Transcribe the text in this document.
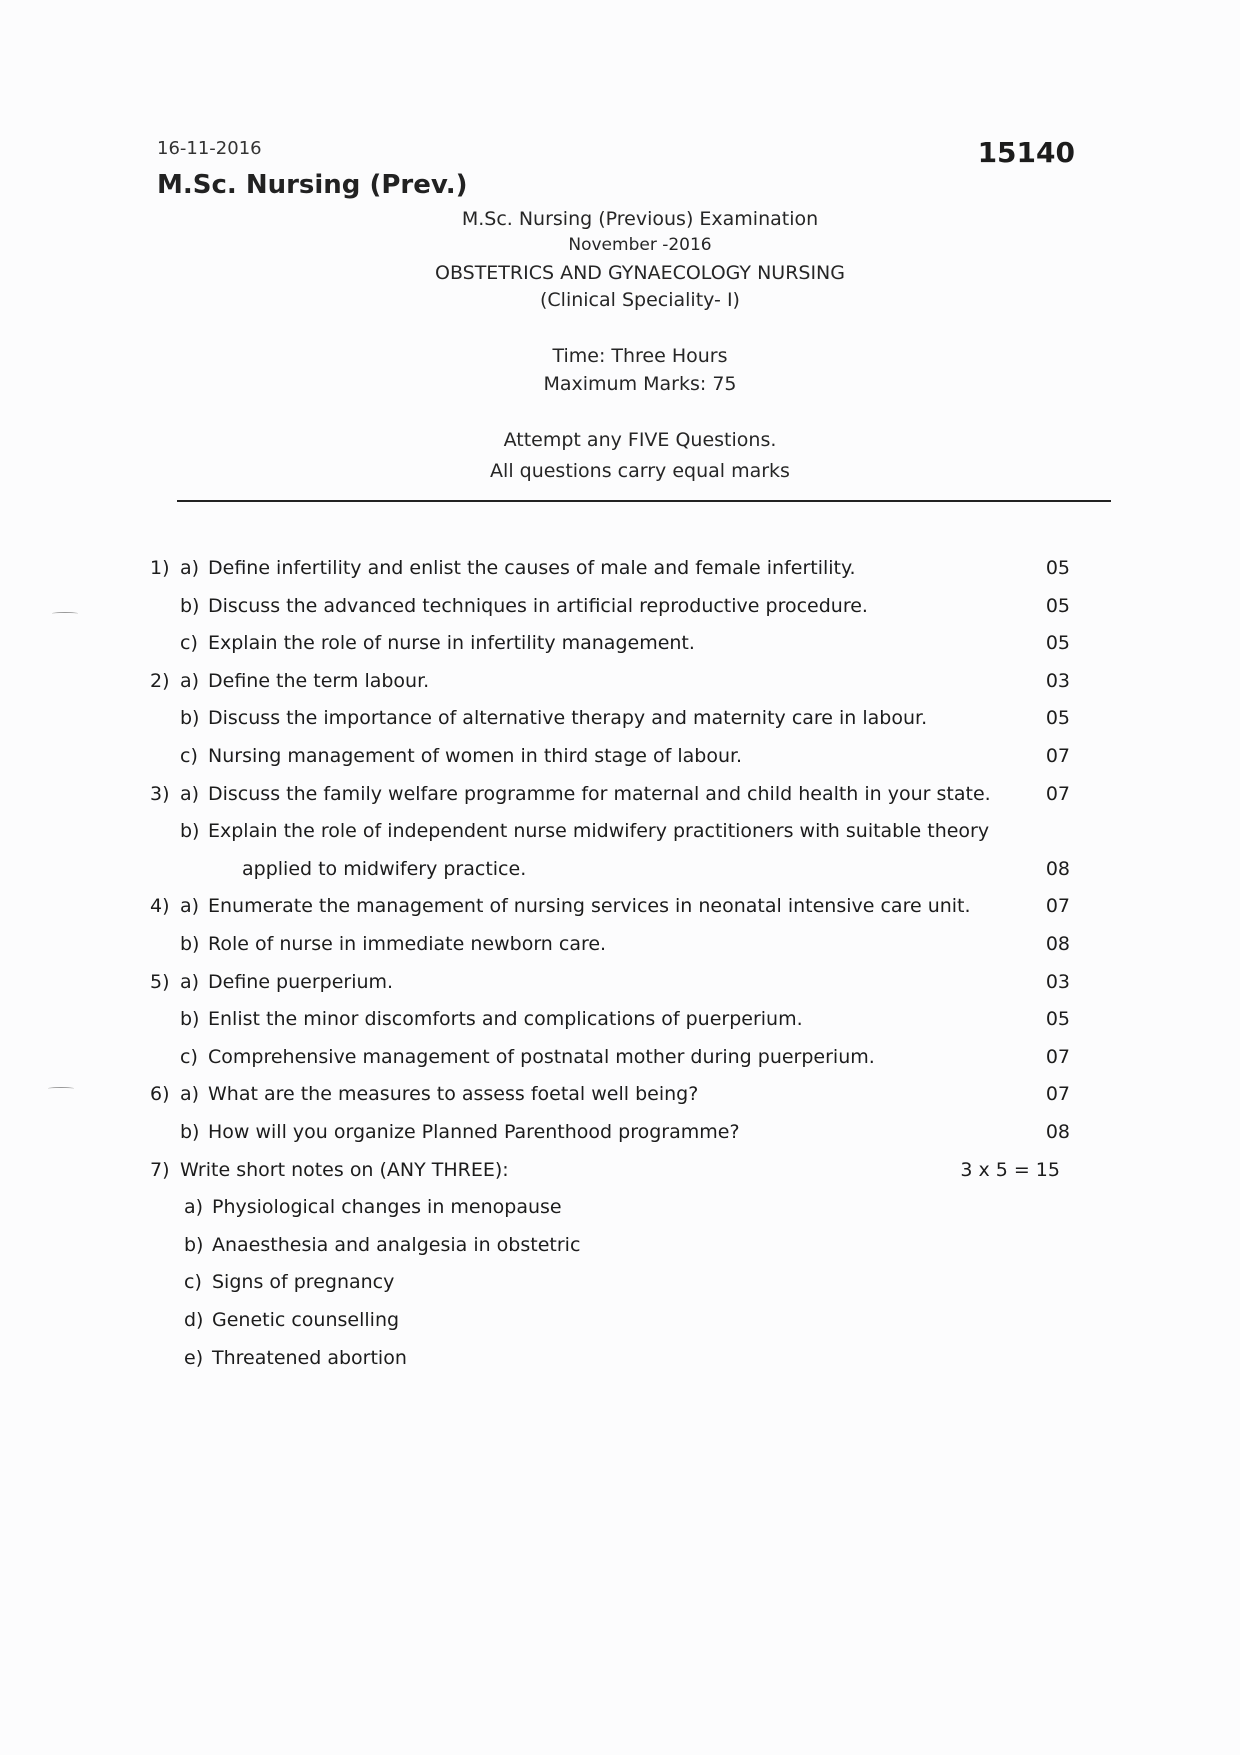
16-11-2016	15140
M.Sc. Nursing (Prev.)
M.Sc. Nursing (Previous) Examination
November -2016
OBSTETRICS AND GYNAECOLOGY NURSING
(Clinical Speciality- I)
Time: Three Hours
Maximum Marks: 75
Attempt any FIVE Questions.
All questions carry equal marks
1) a) Define infertility and enlist the causes of male and female infertility.	05
b) Discuss the advanced techniques in artificial reproductive procedure.	05
c) Explain the role of nurse in infertility management.	05
2) a) Define the term labour.	03
b) Discuss the importance of alternative therapy and maternity care in labour.	05
c) Nursing management of women in third stage of labour.	07
3) a) Discuss the family welfare programme for maternal and child health in your state.	07
b) Explain the role of independent nurse midwifery practitioners with suitable theory
applied to midwifery practice.	08
4) a) Enumerate the management of nursing services in neonatal intensive care unit.	07
b) Role of nurse in immediate newborn care.	08
5) a) Define puerperium.	03
b) Enlist the minor discomforts and complications of puerperium.	05
c) Comprehensive management of postnatal mother during puerperium.	07
6) a) What are the measures to assess foetal well being?	07
b) How will you organize Planned Parenthood programme?	08
7) Write short notes on (ANY THREE):	3 x 5 = 15
a) Physiological changes in menopause
b) Anaesthesia and analgesia in obstetric
c) Signs of pregnancy
d) Genetic counselling
e) Threatened abortion
